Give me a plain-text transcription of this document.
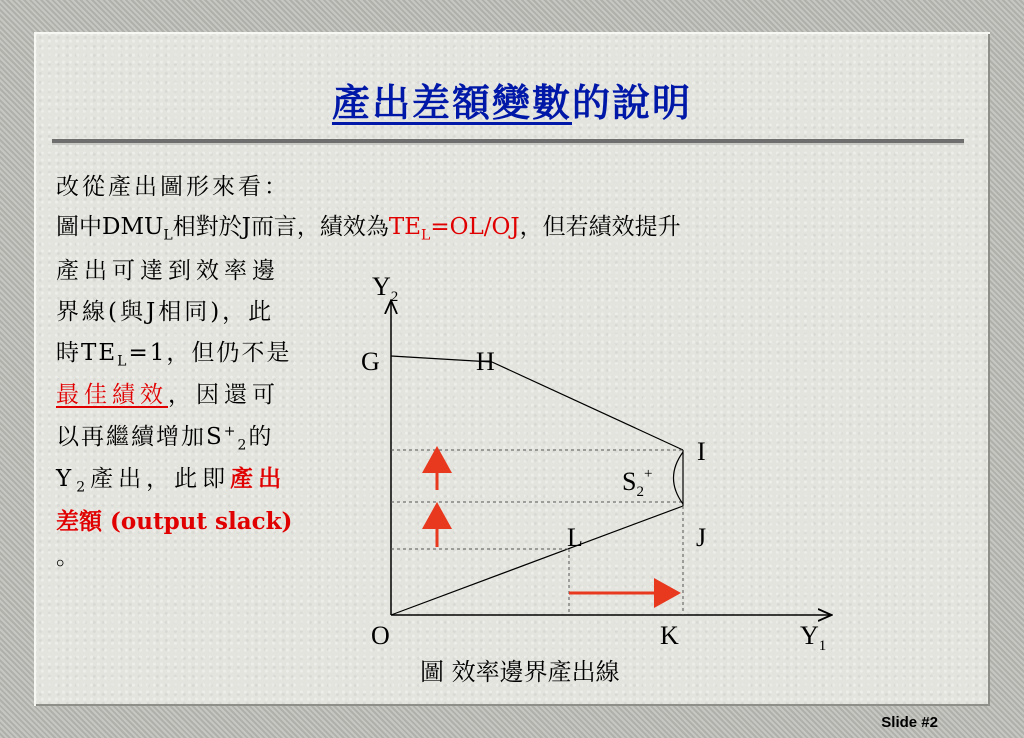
產出差額變數的說明
改從產出圖形來看：
圖中$DMU_L$相對於J而言，績效為$TE_L=OL/OJ$，但若績效提升
產出可達到效率邊
界線(與J相同)，此
時$TE_L=1$，但仍不是
最佳績效，因還可
以再繼續增加$S^+_2$的
$Y_2$產出，此即產出
差額 (output slack)
。
$Y_2$
G	H
I
$S_2^+$
J
L
O	K	$Y_1$
圖 效率邊界產出線
Slide #2
